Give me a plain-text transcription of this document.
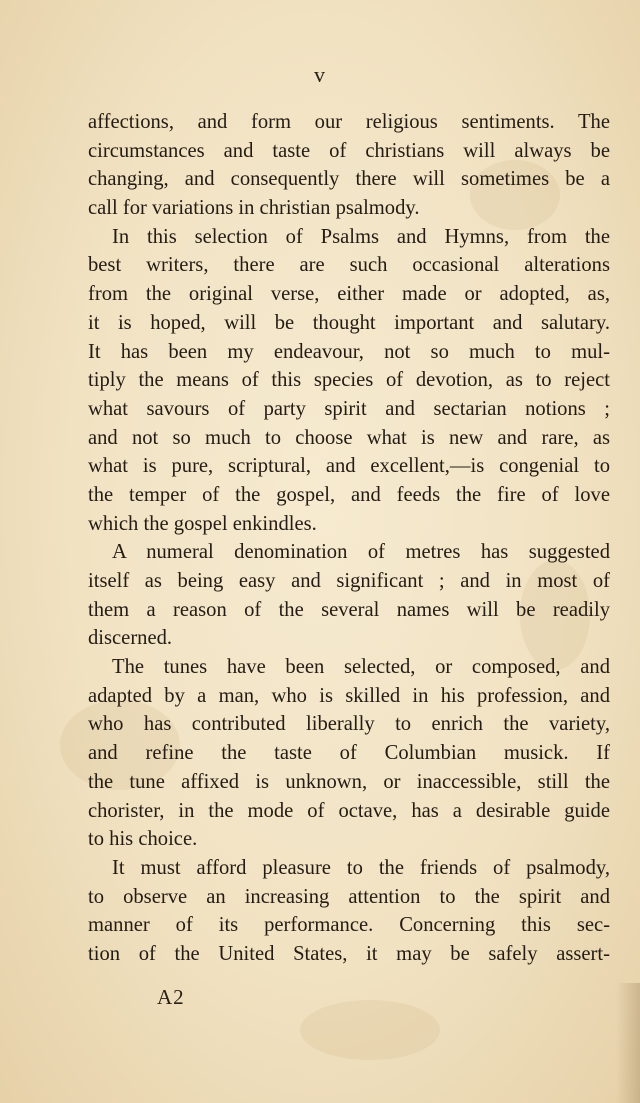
v
affections, and form our religious sentiments. The
circumstances and taste of christians will always be
changing, and consequently there will sometimes be a
call for variations in christian psalmody.
In this selection of Psalms and Hymns, from the
best writers, there are such occasional alterations
from the original verse, either made or adopted, as,
it is hoped, will be thought important and salutary.
It has been my endeavour, not so much to mul-
tiply the means of this species of devotion, as to reject
what savours of party spirit and sectarian notions ;
and not so much to choose what is new and rare, as
what is pure, scriptural, and excellent,—is congenial to
the temper of the gospel, and feeds the fire of love
which the gospel enkindles.
A numeral denomination of metres has suggested
itself as being easy and significant ; and in most of
them a reason of the several names will be readily
discerned.
The tunes have been selected, or composed, and
adapted by a man, who is skilled in his profession, and
who has contributed liberally to enrich the variety,
and refine the taste of Columbian musick. If
the tune affixed is unknown, or inaccessible, still the
chorister, in the mode of octave, has a desirable guide
to his choice.
It must afford pleasure to the friends of psalmody,
to observe an increasing attention to the spirit and
manner of its performance. Concerning this sec-
tion of the United States, it may be safely assert-
A2
